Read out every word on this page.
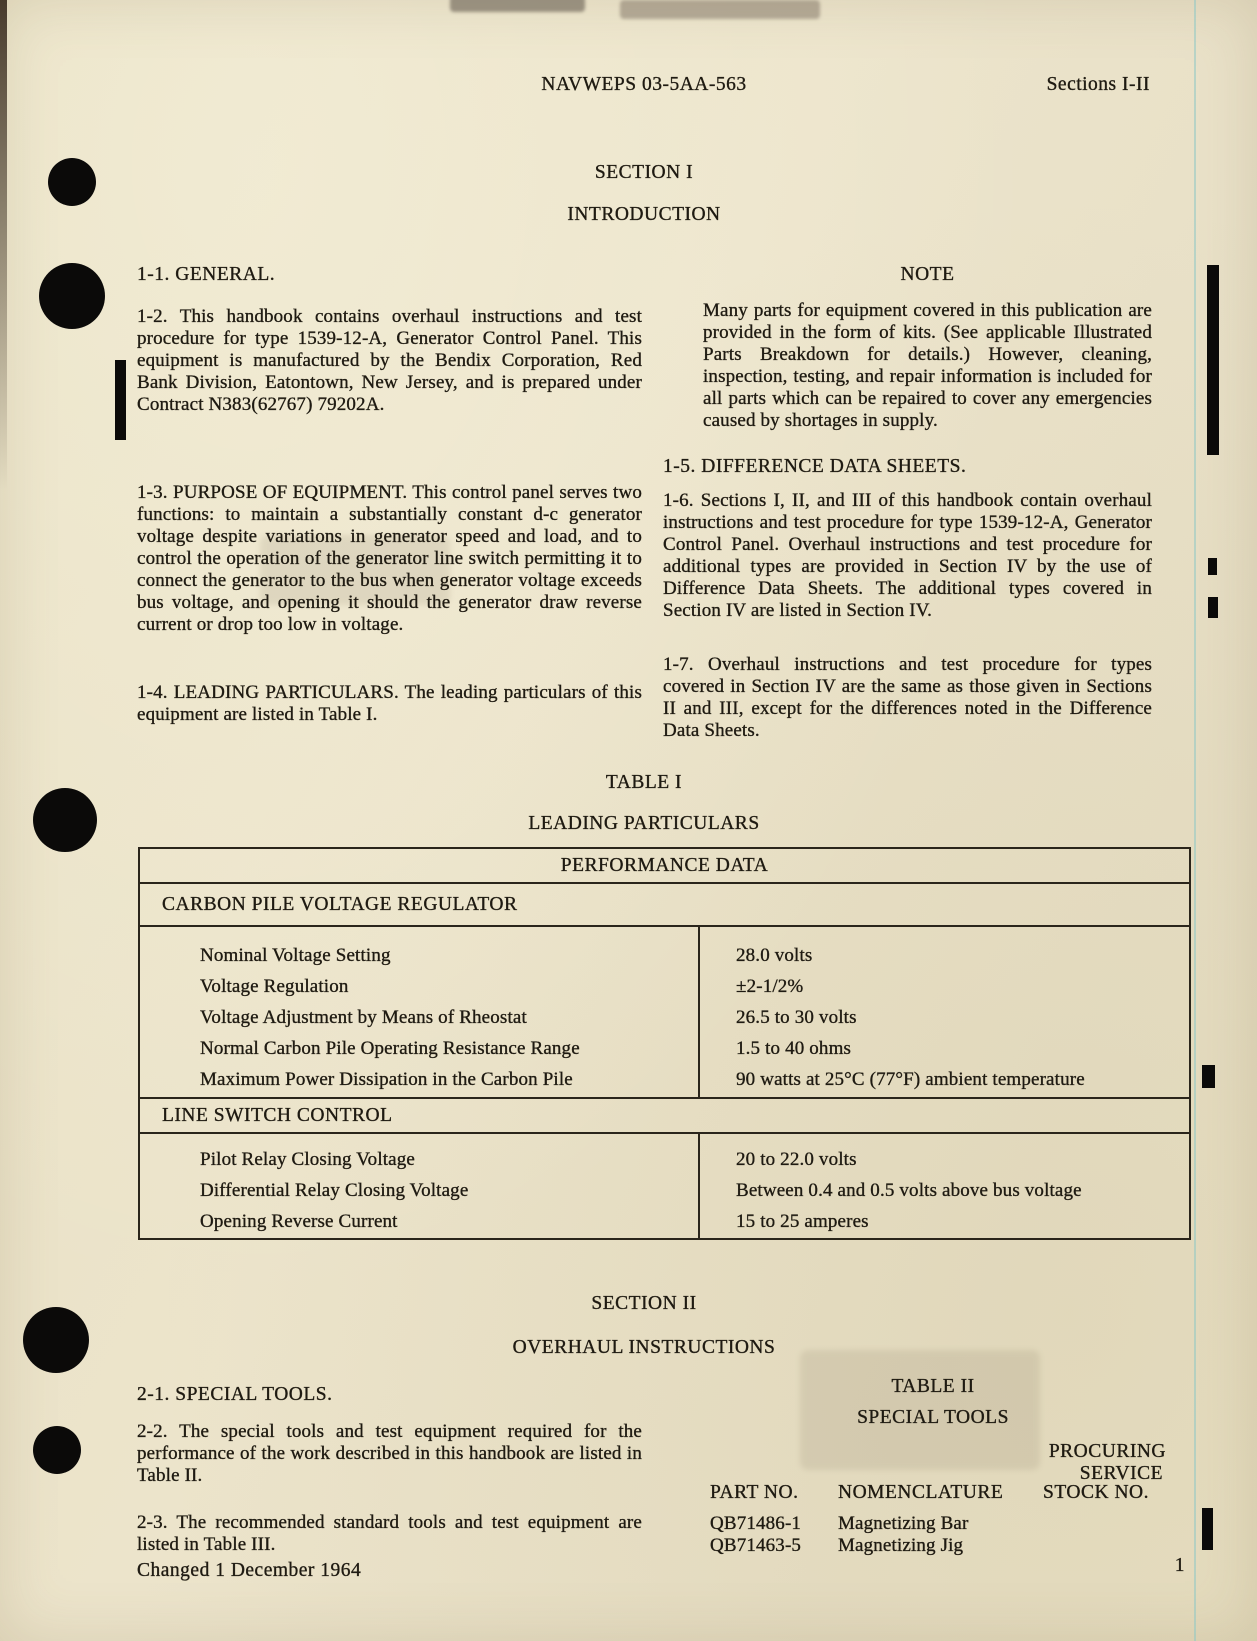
NAVWEPS 03-5AA-563	Sections I-II
SECTION I
INTRODUCTION
1-1. GENERAL.
1-2. This handbook contains overhaul instructions and test procedure for type 1539-12-A, Generator Control Panel. This equipment is manufactured by the Bendix Corporation, Red Bank Division, Eatontown, New Jersey, and is prepared under Contract N383(62767) 79202A.
1-3. PURPOSE OF EQUIPMENT. This control panel serves two functions: to maintain a substantially constant d-c generator voltage despite variations in generator speed and load, and to control the operation of the generator line switch permitting it to connect the generator to the bus when generator voltage exceeds bus voltage, and opening it should the generator draw reverse current or drop too low in voltage.
1-4. LEADING PARTICULARS. The leading particulars of this equipment are listed in Table I.
NOTE
Many parts for equipment covered in this publication are provided in the form of kits. (See applicable Illustrated Parts Breakdown for details.) However, cleaning, inspection, testing, and repair information is included for all parts which can be repaired to cover any emergencies caused by shortages in supply.
1-5. DIFFERENCE DATA SHEETS.
1-6. Sections I, II, and III of this handbook contain overhaul instructions and test procedure for type 1539-12-A, Generator Control Panel. Overhaul instructions and test procedure for additional types are provided in Section IV by the use of Difference Data Sheets. The additional types covered in Section IV are listed in Section IV.
1-7. Overhaul instructions and test procedure for types covered in Section IV are the same as those given in Sections II and III, except for the differences noted in the Difference Data Sheets.
TABLE I
LEADING PARTICULARS
PERFORMANCE DATA
CARBON PILE VOLTAGE REGULATOR
Nominal Voltage Setting
Voltage Regulation
Voltage Adjustment by Means of Rheostat
Normal Carbon Pile Operating Resistance Range
Maximum Power Dissipation in the Carbon Pile
28.0 volts
±2-1/2%
26.5 to 30 volts
1.5 to 40 ohms
90 watts at 25°C (77°F) ambient temperature
LINE SWITCH CONTROL
Pilot Relay Closing Voltage
Differential Relay Closing Voltage
Opening Reverse Current
20 to 22.0 volts
Between 0.4 and 0.5 volts above bus voltage
15 to 25 amperes
SECTION II
OVERHAUL INSTRUCTIONS
2-1. SPECIAL TOOLS.
2-2. The special tools and test equipment required for the performance of the work described in this handbook are listed in Table II.
2-3. The recommended standard tools and test equipment are listed in Table III.
TABLE II
SPECIAL TOOLS
PROCURING
SERVICE
PART NO. NOMENCLATURE STOCK NO.
QB71486-1 Magnetizing Bar
QB71463-5 Magnetizing Jig
Changed 1 December 1964	1
